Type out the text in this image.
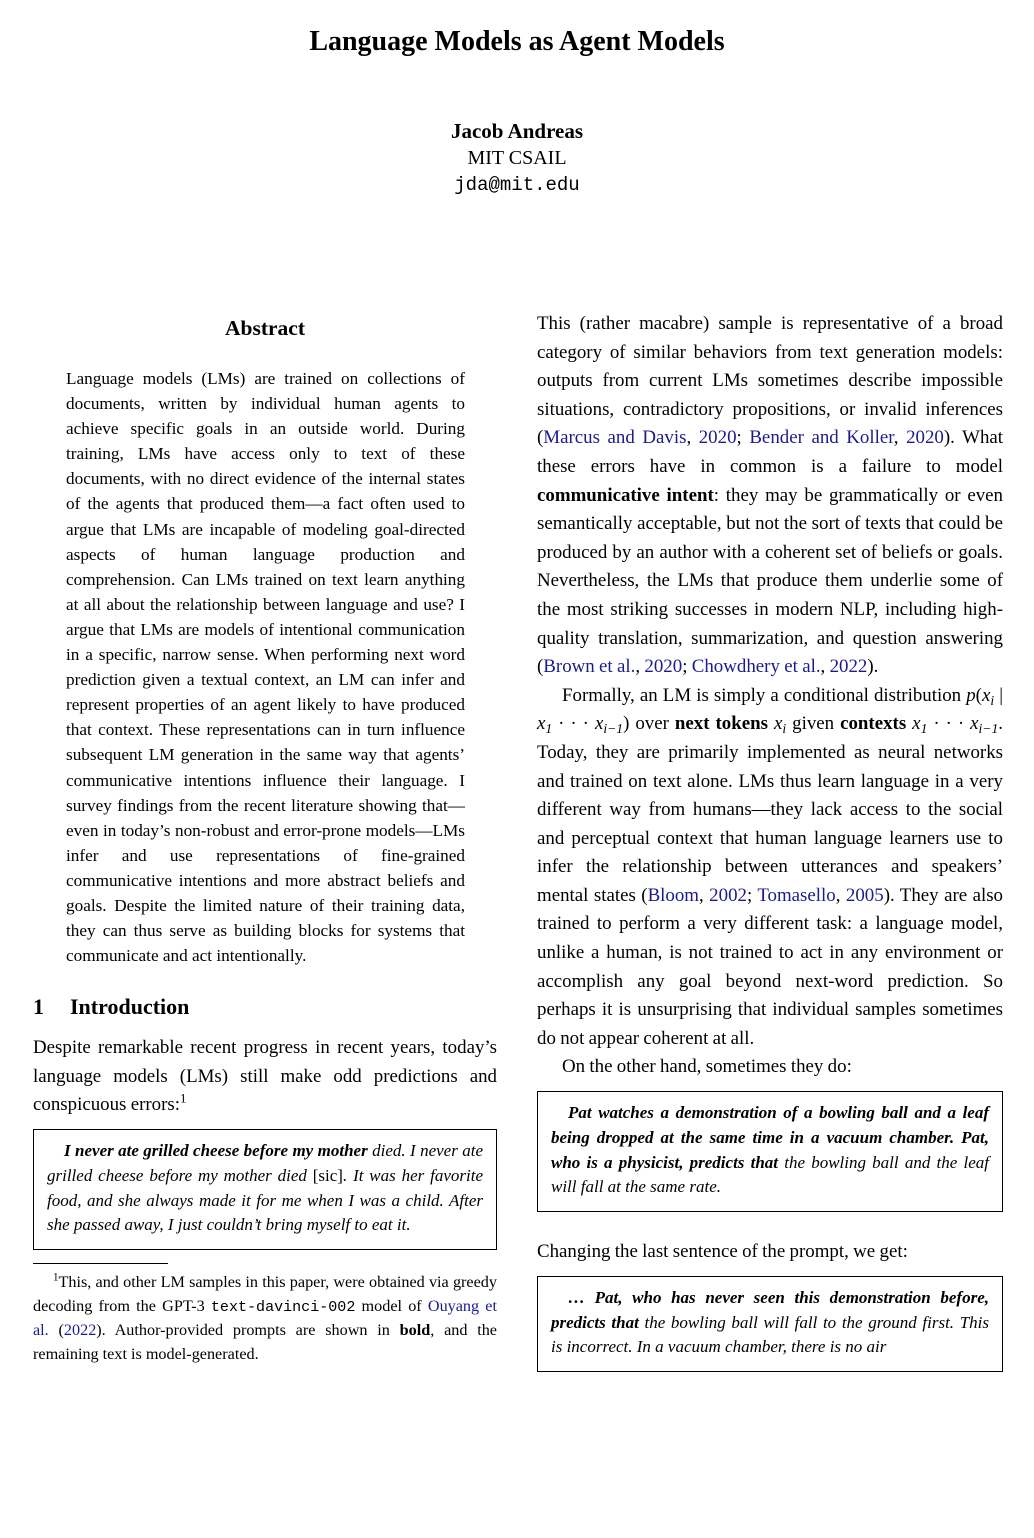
Language Models as Agent Models
Jacob Andreas
MIT CSAIL
jda@mit.edu
Abstract

Language models (LMs) are trained on collections of documents, written by individual human agents to achieve specific goals in an outside world. During training, LMs have access only to text of these documents, with no direct evidence of the internal states of the agents that produced them—a fact often used to argue that LMs are incapable of modeling goal-directed aspects of human language production and comprehension. Can LMs trained on text learn anything at all about the relationship between language and use? I argue that LMs are models of intentional communication in a specific, narrow sense. When performing next word prediction given a textual context, an LM can infer and represent properties of an agent likely to have produced that context. These representations can in turn influence subsequent LM generation in the same way that agents’ communicative intentions influence their language. I survey findings from the recent literature showing that—even in today’s non-robust and error-prone models—LMs infer and use representations of fine-grained communicative intentions and more abstract beliefs and goals. Despite the limited nature of their training data, they can thus serve as building blocks for systems that communicate and act intentionally.

1 Introduction

Despite remarkable recent progress in recent years, today’s language models (LMs) still make odd predictions and conspicuous errors:$^1$

I never ate grilled cheese before my mother died. I never ate grilled cheese before my mother died [sic]. It was her favorite food, and she always made it for me when I was a child. After she passed away, I just couldn’t bring myself to eat it.

$^1$This, and other LM samples in this paper, were obtained via greedy decoding from the GPT-3 text-davinci-002 model of Ouyang et al. (2022). Author-provided prompts are shown in bold, and the remaining text is model-generated.

This (rather macabre) sample is representative of a broad category of similar behaviors from text generation models: outputs from current LMs sometimes describe impossible situations, contradictory propositions, or invalid inferences (Marcus and Davis, 2020; Bender and Koller, 2020). What these errors have in common is a failure to model communicative intent: they may be grammatically or even semantically acceptable, but not the sort of texts that could be produced by an author with a coherent set of beliefs or goals. Nevertheless, the LMs that produce them underlie some of the most striking successes in modern NLP, including high-quality translation, summarization, and question answering (Brown et al., 2020; Chowdhery et al., 2022).

Formally, an LM is simply a conditional distribution $p(x_i$ | $x_1$ · · · $x_{i-1}$) over next tokens $x_i$ given contexts $x_1$ · · · $x_{i-1}$. Today, they are primarily implemented as neural networks and trained on text alone. LMs thus learn language in a very different way from humans—they lack access to the social and perceptual context that human language learners use to infer the relationship between utterances and speakers’ mental states (Bloom, 2002; Tomasello, 2005). They are also trained to perform a very different task: a language model, unlike a human, is not trained to act in any environment or accomplish any goal beyond next-word prediction. So perhaps it is unsurprising that individual samples sometimes do not appear coherent at all.

On the other hand, sometimes they do:

Pat watches a demonstration of a bowling ball and a leaf being dropped at the same time in a vacuum chamber. Pat, who is a physicist, predicts that the bowling ball and the leaf will fall at the same rate.

Changing the last sentence of the prompt, we get:

… Pat, who has never seen this demonstration before, predicts that the bowling ball will fall to the ground first. This is incorrect. In a vacuum chamber, there is no air
